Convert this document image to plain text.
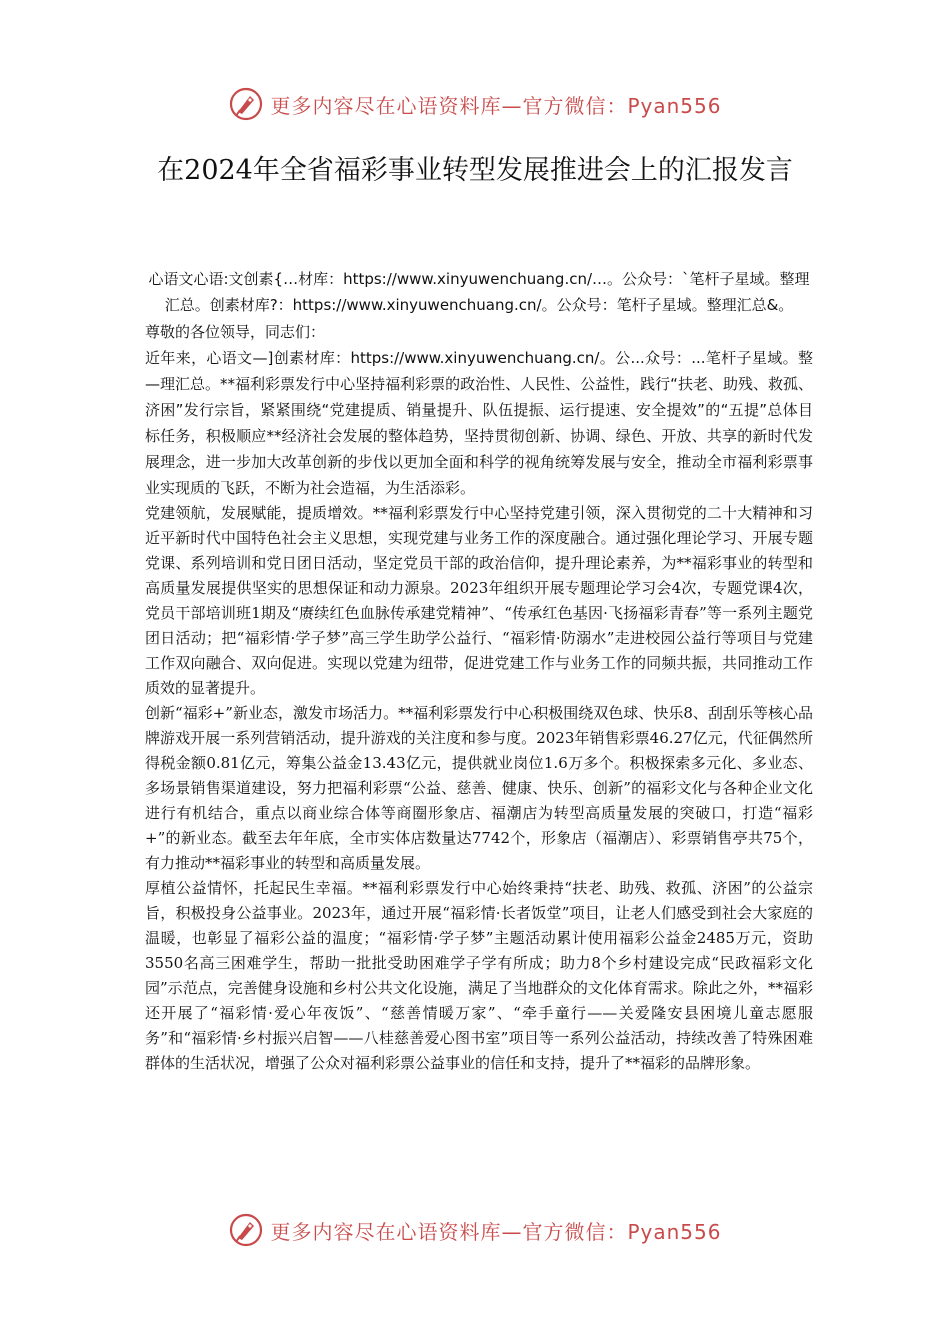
更多内容尽在心语资料库—官方微信：Pyan556
在2024年全省福彩事业转型发展推进会上的汇报发言

心语文心语:文创素{…材库：https://www.xinyuwenchuang.cn/…。公众号：`笔杆子星域。整理汇总。创素材库?：https://www.xinyuwenchuang.cn/。公众号：笔杆子星域。整理汇总&。

尊敬的各位领导，同志们：

近年来，心语文—]创素材库：https://www.xinyuwenchuang.cn/。公...众号：...笔杆子星域。整—理汇总。**福利彩票发行中心坚持福利彩票的政治性、人民性、公益性，践行“扶老、助残、救孤、济困”发行宗旨，紧紧围绕“党建提质、销量提升、队伍提振、运行提速、安全提效”的“五提”总体目标任务，积极顺应**经济社会发展的整体趋势，坚持贯彻创新、协调、绿色、开放、共享的新时代发展理念，进一步加大改革创新的步伐以更加全面和科学的视角统筹发展与安全，推动全市福利彩票事业实现质的飞跃，不断为社会造福，为生活添彩。

党建领航，发展赋能，提质增效。**福利彩票发行中心坚持党建引领，深入贯彻党的二十大精神和习近平新时代中国特色社会主义思想，实现党建与业务工作的深度融合。通过强化理论学习、开展专题党课、系列培训和党日团日活动，坚定党员干部的政治信仰，提升理论素养，为**福彩事业的转型和高质量发展提供坚实的思想保证和动力源泉。2023年组织开展专题理论学习会4次，专题党课4次，党员干部培训班1期及“赓续红色血脉传承建党精神”、“传承红色基因·飞扬福彩青春”等一系列主题党团日活动；把“福彩情·学子梦”高三学生助学公益行、“福彩情·防溺水”走进校园公益行等项目与党建工作双向融合、双向促进。实现以党建为纽带，促进党建工作与业务工作的同频共振，共同推动工作质效的显著提升。

创新“福彩+”新业态，激发市场活力。**福利彩票发行中心积极围绕双色球、快乐8、刮刮乐等核心品牌游戏开展一系列营销活动，提升游戏的关注度和参与度。2023年销售彩票46.27亿元，代征偶然所得税金额0.81亿元，筹集公益金13.43亿元，提供就业岗位1.6万多个。积极探索多元化、多业态、多场景销售渠道建设，努力把福利彩票“公益、慈善、健康、快乐、创新”的福彩文化与各种企业文化进行有机结合，重点以商业综合体等商圈形象店、福潮店为转型高质量发展的突破口，打造“福彩+”的新业态。截至去年年底，全市实体店数量达7742个，形象店（福潮店）、彩票销售亭共75个，有力推动**福彩事业的转型和高质量发展。

厚植公益情怀，托起民生幸福。**福利彩票发行中心始终秉持“扶老、助残、救孤、济困”的公益宗旨，积极投身公益事业。2023年，通过开展“福彩情·长者饭堂”项目，让老人们感受到社会大家庭的温暖，也彰显了福彩公益的温度；“福彩情·学子梦”主题活动累计使用福彩公益金2485万元，资助3550名高三困难学生，帮助一批批受助困难学子学有所成；助力8个乡村建设完成“民政福彩文化园”示范点，完善健身设施和乡村公共文化设施，满足了当地群众的文化体育需求。除此之外，**福彩还开展了“福彩情·爱心年夜饭”、“慈善情暖万家”、“牵手童行——关爱隆安县困境儿童志愿服务”和“福彩情·乡村振兴启智——八桂慈善爱心图书室”项目等一系列公益活动，持续改善了特殊困难群体的生活状况，增强了公众对福利彩票公益事业的信任和支持，提升了**福彩的品牌形象。

更多内容尽在心语资料库—官方微信：Pyan556
